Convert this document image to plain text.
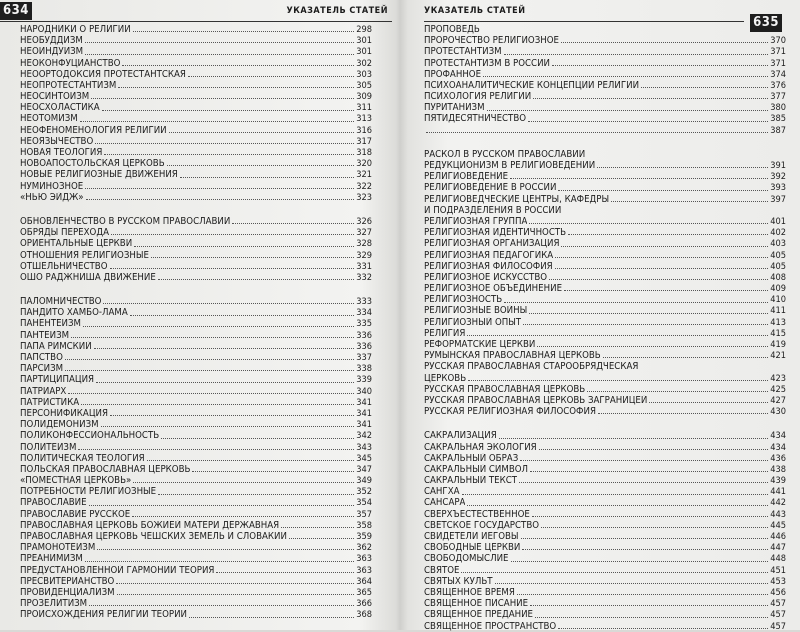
634	УКАЗАТЕЛЬ СТАТЕЙ
НАРОДНИКИ О РЕЛИГИИ	298
НЕОБУДДИЗМ	301
НЕОИНДУИЗМ	301
НЕОКОНФУЦИАНСТВО	302
НЕООРТОДОКСИЯ ПРОТЕСТАНТСКАЯ	303
НЕОПРОТЕСТАНТИЗМ	305
НЕОСИНТОИЗМ	309
НЕОСХОЛАСТИКА	311
НЕОТОМИЗМ	313
НЕОФЕНОМЕНОЛОГИЯ РЕЛИГИИ	316
НЕОЯЗЫЧЕСТВО	317
НОВАЯ ТЕОЛОГИЯ	318
НОВОАПОСТОЛЬСКАЯ ЦЕРКОВЬ	320
НОВЫЕ РЕЛИГИОЗНЫЕ ДВИЖЕНИЯ	321
НУМИНОЗНОЕ	322
«НЬЮ ЭЙДЖ»	323
ОБНОВЛЕНЧЕСТВО В РУССКОМ ПРАВОСЛАВИИ	326
ОБРЯДЫ ПЕРЕХОДА	327
ОРИЕНТАЛЬНЫЕ ЦЕРКВИ	328
ОТНОШЕНИЯ РЕЛИГИОЗНЫЕ	329
ОТШЕЛЬНИЧЕСТВО	331
ОШО РАДЖНИША ДВИЖЕНИЕ	332
ПАЛОМНИЧЕСТВО	333
ПАНДИТО ХАМБО-ЛАМА	334
ПАНЕНТЕИЗМ	335
ПАНТЕИЗМ	336
ПАПА РИМСКИЙ	336
ПАПСТВО	337
ПАРСИЗМ	338
ПАРТИЦИПАЦИЯ	339
ПАТРИАРХ	340
ПАТРИСТИКА	341
ПЕРСОНИФИКАЦИЯ	341
ПОЛИДЕМОНИЗМ	341
ПОЛИКОНФЕССИОНАЛЬНОСТЬ	342
ПОЛИТЕИЗМ	343
ПОЛИТИЧЕСКАЯ ТЕОЛОГИЯ	345
ПОЛЬСКАЯ ПРАВОСЛАВНАЯ ЦЕРКОВЬ	347
«ПОМЕСТНАЯ ЦЕРКОВЬ»	349
ПОТРЕБНОСТИ РЕЛИГИОЗНЫЕ	352
ПРАВОСЛАВИЕ	354
ПРАВОСЛАВИЕ РУССКОЕ	357
ПРАВОСЛАВНАЯ ЦЕРКОВЬ БОЖИЕЙ МАТЕРИ ДЕРЖАВНАЯ	358
ПРАВОСЛАВНАЯ ЦЕРКОВЬ ЧЕШСКИХ ЗЕМЕЛЬ И СЛОВАКИИ	359
ПРАМОНОТЕИЗМ	362
ПРЕАНИМИЗМ	363
ПРЕДУСТАНОВЛЕННОЙ ГАРМОНИИ ТЕОРИЯ	363
ПРЕСВИТЕРИАНСТВО	364
ПРОВИДЕНЦИАЛИЗМ	365
ПРОЗЕЛИТИЗМ	366
ПРОИСХОЖДЕНИЯ РЕЛИГИИ ТЕОРИИ	368
УКАЗАТЕЛЬ СТАТЕЙ
635
ПРОПОВЕДЬ
ПРОРОЧЕСТВО РЕЛИГИОЗНОЕ	370
ПРОТЕСТАНТИЗМ	371
ПРОТЕСТАНТИЗМ В РОССИИ	371
ПРОФАННОЕ	374
ПСИХОАНАЛИТИЧЕСКИЕ КОНЦЕПЦИИ РЕЛИГИИ	376
ПСИХОЛОГИЯ РЕЛИГИИ	377
ПУРИТАНИЗМ	380
ПЯТИДЕСЯТНИЧЕСТВО	385
387
РАСКОЛ В РУССКОМ ПРАВОСЛАВИИ
РЕДУКЦИОНИЗМ В РЕЛИГИОВЕДЕНИИ	391
РЕЛИГИОВЕДЕНИЕ	392
РЕЛИГИОВЕДЕНИЕ В РОССИИ	393
РЕЛИГИОВЕДЧЕСКИЕ ЦЕНТРЫ, КАФЕДРЫ	397
И ПОДРАЗДЕЛЕНИЯ В РОССИИ
РЕЛИГИОЗНАЯ ГРУППА	401
РЕЛИГИОЗНАЯ ИДЕНТИЧНОСТЬ	402
РЕЛИГИОЗНАЯ ОРГАНИЗАЦИЯ	403
РЕЛИГИОЗНАЯ ПЕДАГОГИКА	405
РЕЛИГИОЗНАЯ ФИЛОСОФИЯ	405
РЕЛИГИОЗНОЕ ИСКУССТВО	408
РЕЛИГИОЗНОЕ ОБЪЕДИНЕНИЕ	409
РЕЛИГИОЗНОСТЬ	410
РЕЛИГИОЗНЫЕ ВОЙНЫ	411
РЕЛИГИОЗНЫЙ ОПЫТ	413
РЕЛИГИЯ	415
РЕФОРМАТСКИЕ ЦЕРКВИ	419
РУМЫНСКАЯ ПРАВОСЛАВНАЯ ЦЕРКОВЬ	421
РУССКАЯ ПРАВОСЛАВНАЯ СТАРООБРЯДЧЕСКАЯ
ЦЕРКОВЬ	423
РУССКАЯ ПРАВОСЛАВНАЯ ЦЕРКОВЬ	425
РУССКАЯ ПРАВОСЛАВНАЯ ЦЕРКОВЬ ЗАГРАНИЦЕЙ	427
РУССКАЯ РЕЛИГИОЗНАЯ ФИЛОСОФИЯ	430
САКРАЛИЗАЦИЯ	434
САКРАЛЬНАЯ ЭКОЛОГИЯ	434
САКРАЛЬНЫЙ ОБРАЗ	436
САКРАЛЬНЫЙ СИМВОЛ	438
САКРАЛЬНЫЙ ТЕКСТ	439
САНГХА	441
САНСАРА	442
СВЕРХЪЕСТЕСТВЕННОЕ	443
СВЕТСКОЕ ГОСУДАРСТВО	445
СВИДЕТЕЛИ ИЕГОВЫ	446
СВОБОДНЫЕ ЦЕРКВИ	447
СВОБОДОМЫСЛИЕ	448
СВЯТОЕ	451
СВЯТЫХ КУЛЬТ	453
СВЯЩЕННОЕ ВРЕМЯ	456
СВЯЩЕННОЕ ПИСАНИЕ	457
СВЯЩЕННОЕ ПРЕДАНИЕ	457
СВЯЩЕННОЕ ПРОСТРАНСТВО	457
